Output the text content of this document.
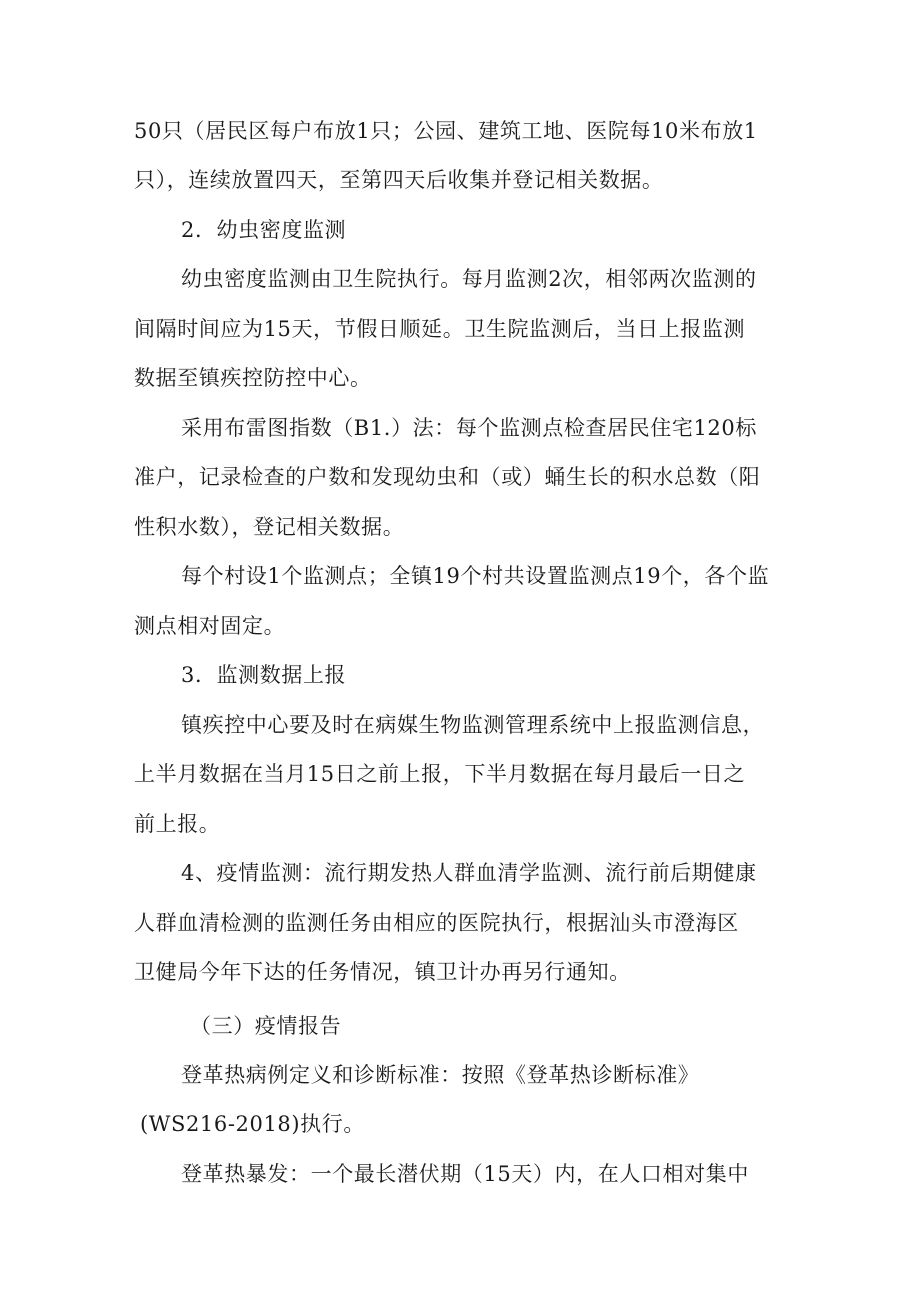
50只（居民区每户布放1只；公园、建筑工地、医院每10米布放1
只），连续放置四天，至第四天后收集并登记相关数据。
2．幼虫密度监测
幼虫密度监测由卫生院执行。每月监测2次，相邻两次监测的
间隔时间应为15天，节假日顺延。卫生院监测后，当日上报监测
数据至镇疾控防控中心。
采用布雷图指数（B1.）法：每个监测点检查居民住宅120标
准户，记录检查的户数和发现幼虫和（或）蛹生长的积水总数（阳
性积水数），登记相关数据。
每个村设1个监测点；全镇19个村共设置监测点19个，各个监
测点相对固定。
3．监测数据上报
镇疾控中心要及时在病媒生物监测管理系统中上报监测信息，
上半月数据在当月15日之前上报，下半月数据在每月最后一日之
前上报。
4、疫情监测：流行期发热人群血清学监测、流行前后期健康
人群血清检测的监测任务由相应的医院执行，根据汕头市澄海区
卫健局今年下达的任务情况，镇卫计办再另行通知。
（三）疫情报告
登革热病例定义和诊断标准：按照《登革热诊断标准》
(WS216-2018)执行。
登革热暴发：一个最长潜伏期（15天）内，在人口相对集中
